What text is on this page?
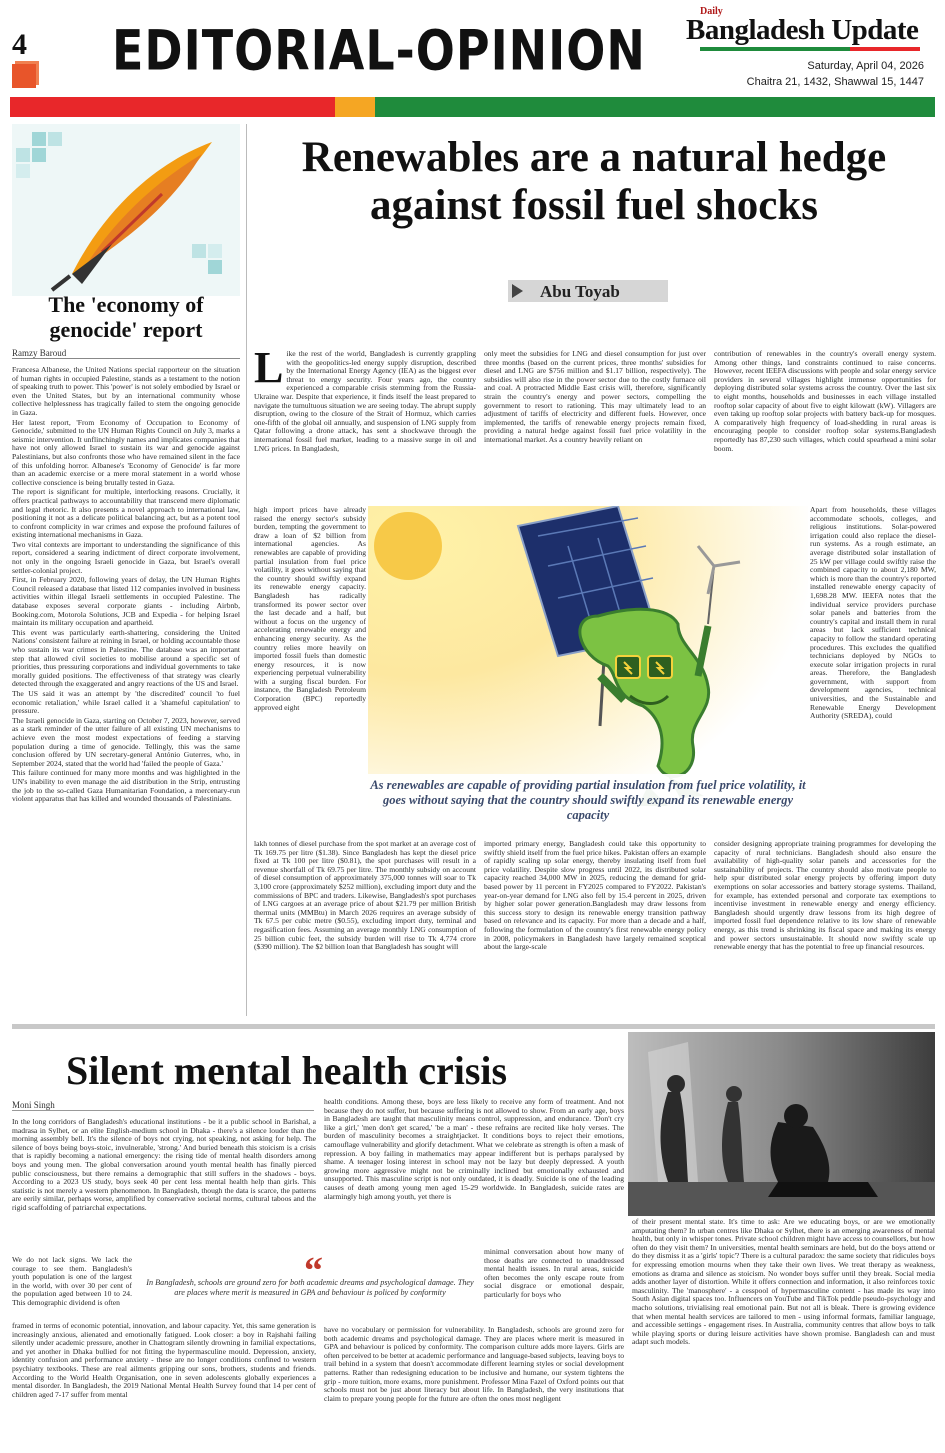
4 EDITORIAL-OPINION
Daily
Bangladesh Update
Saturday, April 04, 2026
Chaitra 21, 1432, Shawwal 15, 1447
The 'economy of genocide' report
Ramzy Baroud

Francesa Albanese, the United Nations special rapporteur on the situation of human rights in occupied Palestine, stands as a testament to the notion of speaking truth to power. This 'power' is not solely embodied by Israel or even the United States, but by an international community whose collective helplessness has tragically failed to stem the ongoing genocide in Gaza.

Her latest report, 'From Economy of Occupation to Economy of Genocide,' submitted to the UN Human Rights Council on July 3, marks a seismic intervention. It unflinchingly names and implicates companies that have not only allowed Israel to sustain its war and genocide against Palestinians, but also confronts those who have remained silent in the face of this unfolding horror. Albanese's 'Economy of Genocide' is far more than an academic exercise or a mere moral statement in a world whose collective conscience is being brutally tested in Gaza.

The report is significant for multiple, interlocking reasons. Crucially, it offers practical pathways to accountability that transcend mere diplomatic and legal rhetoric. It also presents a novel approach to international law, positioning it not as a delicate political balancing act, but as a potent tool to confront complicity in war crimes and expose the profound failures of existing international mechanisms in Gaza.

Two vital contexts are important to understanding the significance of this report, considered a searing indictment of direct corporate involvement, not only in the ongoing Israeli genocide in Gaza, but Israel's overall settler-colonial project.

First, in February 2020, following years of delay, the UN Human Rights Council released a database that listed 112 companies involved in business activities within illegal Israeli settlements in occupied Palestine. The database exposes several corporate giants - including Airbnb, Booking.com, Motorola Solutions, JCB and Expedia - for helping Israel maintain its military occupation and apartheid.

This event was particularly earth-shattering, considering the United Nations' consistent failure at reining in Israel, or holding accountable those who sustain its war crimes in Palestine. The database was an important step that allowed civil societies to mobilise around a specific set of priorities, thus pressuring corporations and individual governments to take morally guided positions. The effectiveness of that strategy was clearly detected through the exaggerated and angry reactions of the US and Israel.

The US said it was an attempt by 'the discredited' council 'to fuel economic retaliation,' while Israel called it a 'shameful capitulation' to pressure.

The Israeli genocide in Gaza, starting on October 7, 2023, however, served as a stark reminder of the utter failure of all existing UN mechanisms to achieve even the most modest expectations of feeding a starving population during a time of genocide. Tellingly, this was the same conclusion offered by UN secretary-general António Guterres, who, in September 2024, stated that the world had 'failed the people of Gaza.'

This failure continued for many more months and was highlighted in the UN's inability to even manage the aid distribution in the Strip, entrusting the job to the so-called Gaza Humanitarian Foundation, a mercenary-run violent apparatus that has killed and wounded thousands of Palestinians.

Renewables are a natural hedge against fossil fuel shocks
Abu Toyab
Like the rest of the world, Bangladesh is currently grappling with the geopolitics-led energy supply disruption, described by the International Energy Agency (IEA) as the biggest ever threat to energy security. Four years ago, the country experienced a comparable crisis stemming from the Russia-Ukraine war. Despite that experience, it finds itself the least prepared to navigate the tumultuous situation we are seeing today. The abrupt supply disruption, owing to the closure of the Strait of Hormuz, which carries one-fifth of the global oil annually, and suspension of LNG supply from Qatar following a drone attack, has sent a shockwave through the international fossil fuel market, leading to a massive surge in oil and LNG prices. In Bangladesh,
high import prices have already raised the energy sector's subsidy burden, tempting the government to draw a loan of $2 billion from international agencies. As renewables are capable of providing partial insulation from fuel price volatility, it goes without saying that the country should swiftly expand its renewable energy capacity. Bangladesh has radically transformed its power sector over the last decade and a half, but without a focus on the urgency of accelerating renewable energy and enhancing energy security. As the country relies more heavily on imported fossil fuels than domestic energy resources, it is now experiencing perpetual vulnerability with a surging fiscal burden. For instance, the Bangladesh Petroleum Corporation (BPC) reportedly approved eight
lakh tonnes of diesel purchase from the spot market at an average cost of Tk 169.75 per litre ($1.38). Since Bangladesh has kept the diesel price fixed at Tk 100 per litre ($0.81), the spot purchases will result in a revenue shortfall of Tk 69.75 per litre. The monthly subsidy on account of diesel consumption of approximately 375,000 tonnes will soar to Tk 3,100 crore (approximately $252 million), excluding import duty and the commissions of BPC and traders. Likewise, Bangladesh's spot purchases of LNG cargoes at an average price of about $21.79 per million British thermal units (MMBtu) in March 2026 requires an average subsidy of Tk 67.5 per cubic metre ($0.55), excluding import duty, terminal and regasification fees. Assuming an average monthly LNG consumption of 25 billion cubic feet, the subsidy burden will rise to Tk 4,774 crore ($390 million). The $2 billion loan that Bangladesh has sought will
only meet the subsidies for LNG and diesel consumption for just over three months (based on the current prices, three months' subsidies for diesel and LNG are $756 million and $1.17 billion, respectively). The subsidies will also rise in the power sector due to the costly furnace oil and coal. A protracted Middle East crisis will, therefore, significantly strain the country's energy and power sectors, compelling the government to resort to rationing. This may ultimately lead to an adjustment of tariffs of electricity and different fuels. However, once implemented, the tariffs of renewable energy projects remain fixed, providing a natural hedge against fossil fuel price volatility in the international market. As a country heavily reliant on
imported primary energy, Bangladesh could take this opportunity to swiftly shield itself from the fuel price hikes. Pakistan offers an example of rapidly scaling up solar energy, thereby insulating itself from fuel price volatility. Despite slow progress until 2022, its distributed solar capacity reached 34,000 MW in 2025, reducing the demand for grid-based power by 11 percent in FY2025 compared to FY2022. Pakistan's year-on-year demand for LNG also fell by 15.4 percent in 2025, driven by higher solar power generation.Bangladesh may draw lessons from this success story to design its renewable energy transition pathway based on relevance and its capacity. For more than a decade and a half, following the formulation of the country's first renewable energy policy in 2008, policymakers in Bangladesh have largely remained sceptical about the large-scale
contribution of renewables in the country's overall energy system. Among other things, land constraints continued to raise concerns. However, recent IEEFA discussions with people and solar energy service providers in several villages highlight immense opportunities for deploying distributed solar systems across the country. Over the last six to eight months, households and businesses in each village installed rooftop solar capacity of about five to eight kilowatt (kW). Villagers are even taking up rooftop solar projects with battery back-up for mosques. A comparatively high frequency of load-shedding in rural areas is encouraging people to consider rooftop solar systems.Bangladesh reportedly has 87,230 such villages, which could spearhead a mini solar boom.
Apart from households, these villages accommodate schools, colleges, and religious institutions. Solar-powered irrigation could also replace the diesel-run systems. As a rough estimate, an average distributed solar installation of 25 kW per village could swiftly raise the combined capacity to about 2,180 MW, which is more than the country's reported installed renewable energy capacity of 1,698.28 MW. IEEFA notes that the individual service providers purchase solar panels and batteries from the country's capital and install them in rural areas but lack sufficient technical capacity to follow the standard operating procedures. This excludes the qualified technicians deployed by NGOs to execute solar irrigation projects in rural areas. Therefore, the Bangladesh government, with support from development agencies, technical universities, and the Sustainable and Renewable Energy Development Authority (SREDA), could
consider designing appropriate training programmes for developing the capacity of rural technicians. Bangladesh should also ensure the availability of high-quality solar panels and accessories for the sustainability of projects. The country should also motivate people to help spur distributed solar energy projects by offering import duty exemptions on solar accessories and battery storage systems. Thailand, for example, has extended personal and corporate tax exemptions to incentivise investment in renewable energy and energy efficiency. Bangladesh should urgently draw lessons from its high degree of imported fossil fuel dependence relative to its low share of renewable energy, as this trend is shrinking its fiscal space and making its energy and power sectors unsustainable. It should now swiftly scale up renewable energy that has the potential to free up financial resources.
As renewables are capable of providing partial insulation from fuel price volatility, it goes without saying that the country should swiftly expand its renewable energy capacity
Silent mental health crisis
Moni Singh
In the long corridors of Bangladesh's educational institutions - be it a public school in Barishal, a madrasa in Sylhet, or an elite English-medium school in Dhaka - there's a silence louder than the morning assembly bell. It's the silence of boys not crying, not speaking, not asking for help. The silence of boys being boys-stoic, invulnerable, 'strong.' And buried beneath this stoicism is a crisis that is rapidly becoming a national emergency: the rising tide of mental health disorders among boys and young men. The global conversation around youth mental health has finally pierced public consciousness, but there remains a demographic that still suffers in the shadows - boys. According to a 2023 US study, boys seek 40 per cent less mental health help than girls. This statistic is not merely a western phenomenon. In Bangladesh, though the data is scarce, the patterns are eerily similar, perhaps worse, amplified by conservative societal norms, cultural taboos and the rigid scaffolding of patriarchal expectations.
We do not lack signs. We lack the courage to see them. Bangladesh's youth population is one of the largest in the world, with over 30 per cent of the population aged between 10 to 24. This demographic dividend is often
framed in terms of economic potential, innovation, and labour capacity. Yet, this same generation is increasingly anxious, alienated and emotionally fatigued. Look closer: a boy in Rajshahi failing silently under academic pressure, another in Chattogram silently drowning in familial expectations, and yet another in Dhaka bullied for not fitting the hypermasculine mould. Depression, anxiety, identity confusion and performance anxiety - these are no longer conditions confined to western psychiatry textbooks. These are real ailments gripping our sons, brothers, students and friends. According to the World Health Organisation, one in seven adolescents globally experiences a mental disorder. In Bangladesh, the 2019 National Mental Health Survey found that 14 per cent of children aged 7-17 suffer from mental
health conditions. Among these, boys are less likely to receive any form of treatment. And not because they do not suffer, but because suffering is not allowed to show. From an early age, boys in Bangladesh are taught that masculinity means control, suppression, and endurance. 'Don't cry like a girl,' 'men don't get scared,' 'be a man' - these refrains are recited like holy verses. The burden of masculinity becomes a straightjacket. It conditions boys to reject their emotions, camouflage vulnerability and glorify detachment. What we celebrate as strength is often a mask of repression. A boy failing in mathematics may appear indifferent but is perhaps paralysed by shame. A teenager losing interest in school may not be lazy but deeply depressed. A youth growing more aggressive might not be criminally inclined but emotionally exhausted and unsupported. This masculine script is not only outdated, it is deadly. Suicide is one of the leading causes of death among young men aged 15-29 worldwide. In Bangladesh, suicide rates are alarmingly high among youth, yet there is
minimal conversation about how many of those deaths are connected to unaddressed mental health issues. In rural areas, suicide often becomes the only escape route from social disgrace or emotional despair, particularly for boys who
have no vocabulary or permission for vulnerability. In Bangladesh, schools are ground zero for both academic dreams and psychological damage. They are places where merit is measured in GPA and behaviour is policed by conformity. The comparison culture adds more layers. Girls are often perceived to be better at academic performance and language-based subjects, leaving boys to trail behind in a system that doesn't accommodate different learning styles or social development patterns. Rather than redesigning education to be inclusive and humane, our system tightens the grip - more tuition, more exams, more punishment. Professor Mina Fazel of Oxford points out that schools must not be just about literacy but about life. In Bangladesh, the very institutions that claim to prepare young people for the future are often the ones most negligent
of their present mental state. It's time to ask: Are we educating boys, or are we emotionally amputating them? In urban centres like Dhaka or Sylhet, there is an emerging awareness of mental health, but only in whisper tones. Private school children might have access to counsellors, but how often do they visit them? In universities, mental health seminars are held, but do the boys attend or do they dismiss it as a 'girls' topic'? There is a cultural paradox: the same society that ridicules boys for expressing emotion mourns when they take their own lives. We treat therapy as weakness, emotions as drama and silence as stoicism. No wonder boys suffer until they break. Social media adds another layer of distortion. While it offers connection and information, it also reinforces toxic masculinity. The 'manosphere' - a cesspool of hypermasculine content - has made its way into South Asian digital spaces too. Influencers on YouTube and TikTok peddle pseudo-psychology and macho solutions, trivialising real emotional pain. But not all is bleak. There is growing evidence that when mental health services are tailored to men - using informal formats, familiar language, and accessible settings - engagement rises. In Australia, community centres that allow boys to talk while playing sports or during leisure activities have shown promise. Bangladesh can and must adapt such models.
“
In Bangladesh, schools are ground zero for both academic dreams and psychological damage. They are places where merit is measured in GPA and behaviour is policed by conformity
